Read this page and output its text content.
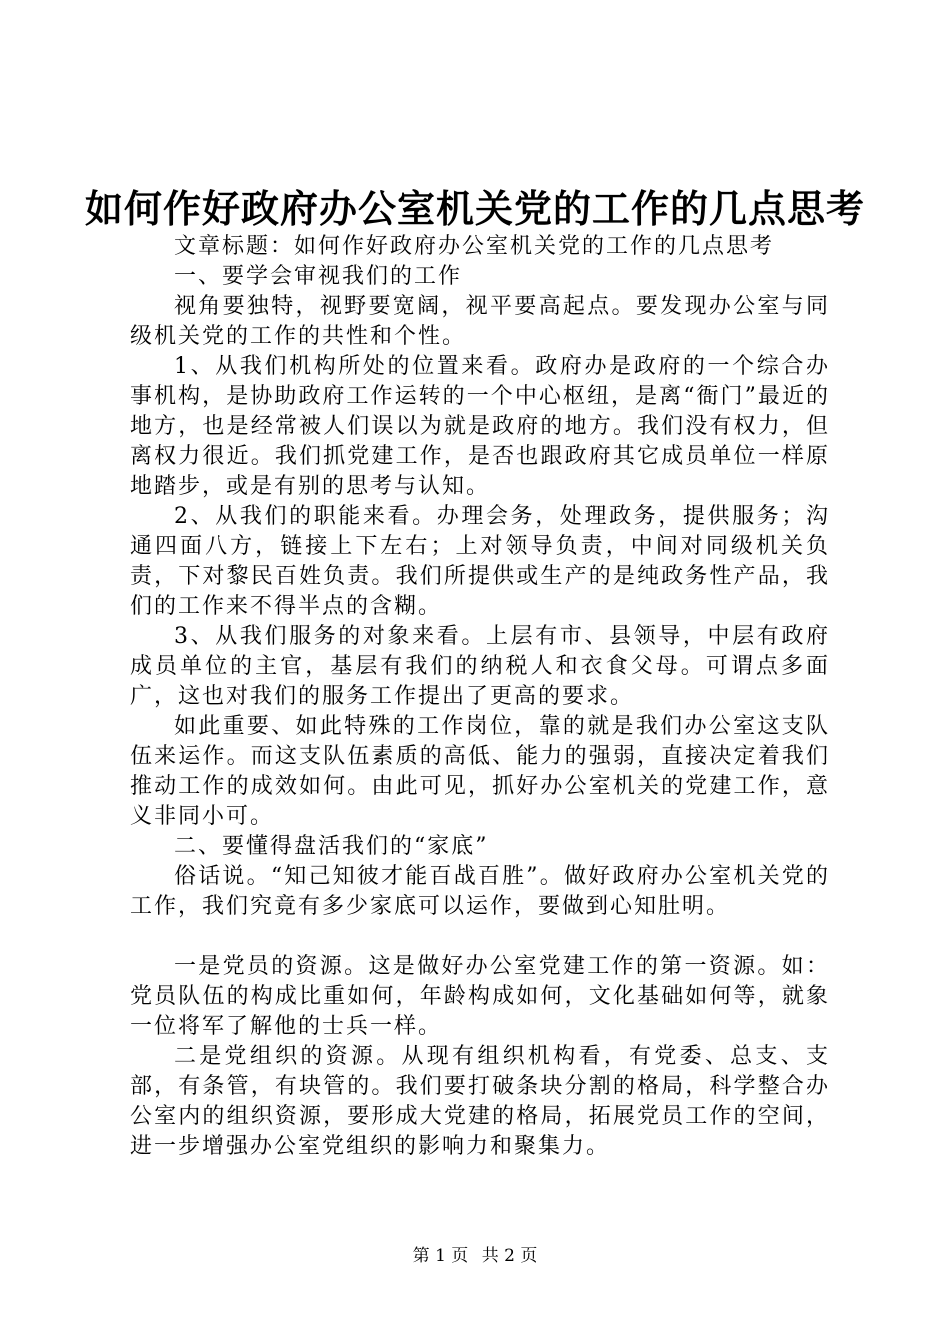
如何作好政府办公室机关党的工作的几点思考

文章标题：如何作好政府办公室机关党的工作的几点思考

一、要学会审视我们的工作

视角要独特，视野要宽阔，视平要高起点。要发现办公室与同级机关党的工作的共性和个性。

1、从我们机构所处的位置来看。政府办是政府的一个综合办事机构，是协助政府工作运转的一个中心枢纽，是离“衙门”最近的地方，也是经常被人们误以为就是政府的地方。我们没有权力，但离权力很近。我们抓党建工作，是否也跟政府其它成员单位一样原地踏步，或是有别的思考与认知。

2、从我们的职能来看。办理会务，处理政务，提供服务；沟通四面八方，链接上下左右；上对领导负责，中间对同级机关负责，下对黎民百姓负责。我们所提供或生产的是纯政务性产品，我们的工作来不得半点的含糊。

3、从我们服务的对象来看。上层有市、县领导，中层有政府成员单位的主官，基层有我们的纳税人和衣食父母。可谓点多面广，这也对我们的服务工作提出了更高的要求。

如此重要、如此特殊的工作岗位，靠的就是我们办公室这支队伍来运作。而这支队伍素质的高低、能力的强弱，直接决定着我们推动工作的成效如何。由此可见，抓好办公室机关的党建工作，意义非同小可。

二、要懂得盘活我们的“家底”

俗话说。“知己知彼才能百战百胜”。做好政府办公室机关党的工作，我们究竟有多少家底可以运作，要做到心知肚明。

一是党员的资源。这是做好办公室党建工作的第一资源。如：党员队伍的构成比重如何，年龄构成如何，文化基础如何等，就象一位将军了解他的士兵一样。

二是党组织的资源。从现有组织机构看，有党委、总支、支部，有条管，有块管的。我们要打破条块分割的格局，科学整合办公室内的组织资源，要形成大党建的格局，拓展党员工作的空间，进一步增强办公室党组织的影响力和聚集力。

第 1 页 共 2 页
